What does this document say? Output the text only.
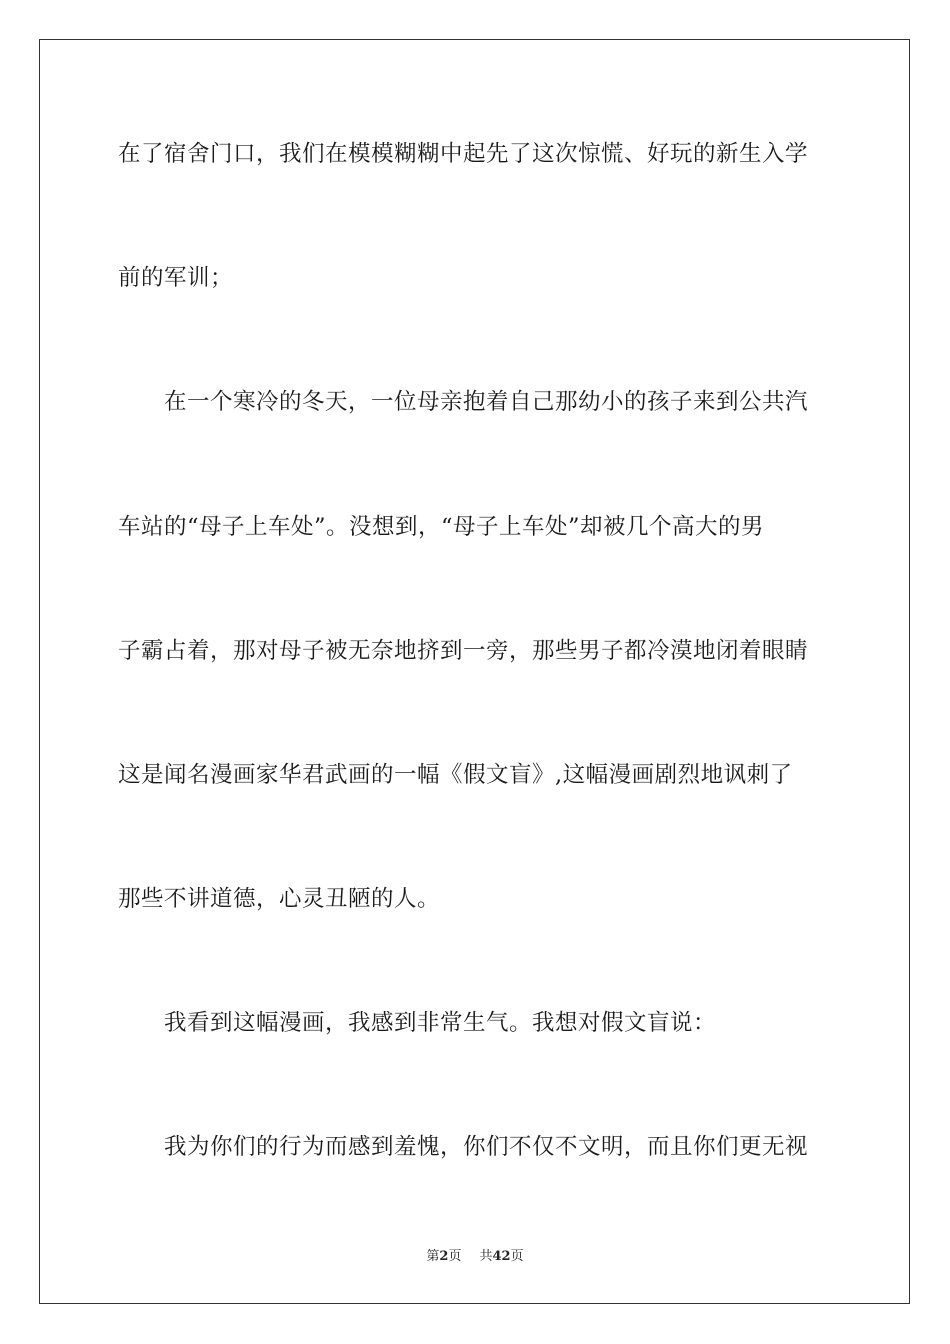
在了宿舍门口，我们在模模糊糊中起先了这次惊慌、好玩的新生入学
前的军训；
在一个寒冷的冬天，一位母亲抱着自己那幼小的孩子来到公共汽
车站的“母子上车处”。没想到，“母子上车处”却被几个高大的男
子霸占着，那对母子被无奈地挤到一旁，那些男子都冷漠地闭着眼睛
这是闻名漫画家华君武画的一幅《假文盲》,这幅漫画剧烈地讽刺了
那些不讲道德，心灵丑陋的人。
我看到这幅漫画，我感到非常生气。我想对假文盲说：
我为你们的行为而感到羞愧，你们不仅不文明，而且你们更无视
第2页 共42页
